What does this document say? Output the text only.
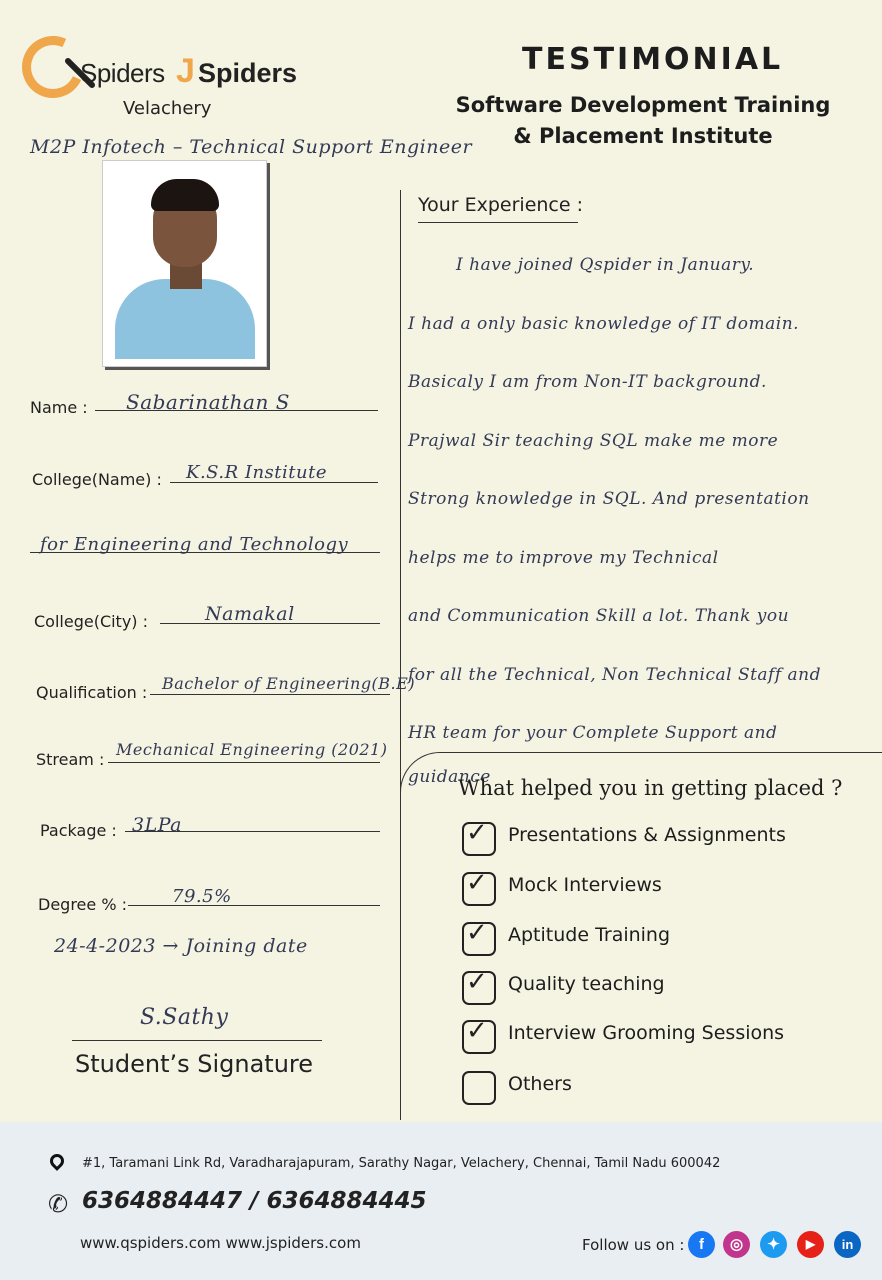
Spiders J Spiders
Velachery
TESTIMONIAL
Software Development Training & Placement Institute
M2P Infotech – Technical Support Engineer
Name : Sabarinathan S
College(Name) : K.S.R Institute
for Engineering and Technology
College(City) :	Namakal
Qualification : Bachelor of Engineering(B.E)
Stream :
Mechanical Engineering (2021)
Package : 3LPa
Degree % :	79.5%
24-4-2023 → Joining date
S.Sathy
Student’s Signature
Your Experience :

I have joined Qspider in January.

I had a only basic knowledge of IT domain.

Basicaly I am from Non-IT background.

Prajwal Sir teaching SQL make me more

Strong knowledge in SQL. And presentation

helps me to improve my Technical

and Communication Skill a lot. Thank you

for all the Technical, Non Technical Staff and

HR team for your Complete Support and

guidance

What helped you in getting placed ?
✓ Presentations & Assignments
✓ Mock Interviews
✓ Aptitude Training
✓ Quality teaching
✓ Interview Grooming Sessions
Others
#1, Taramani Link Rd, Varadharajapuram, Sarathy Nagar, Velachery, Chennai, Tamil Nadu 600042
✆ 6364884447 / 6364884445
www.qspiders.com www.jspiders.com	Follow us on : f	◎	✦	▶	in
